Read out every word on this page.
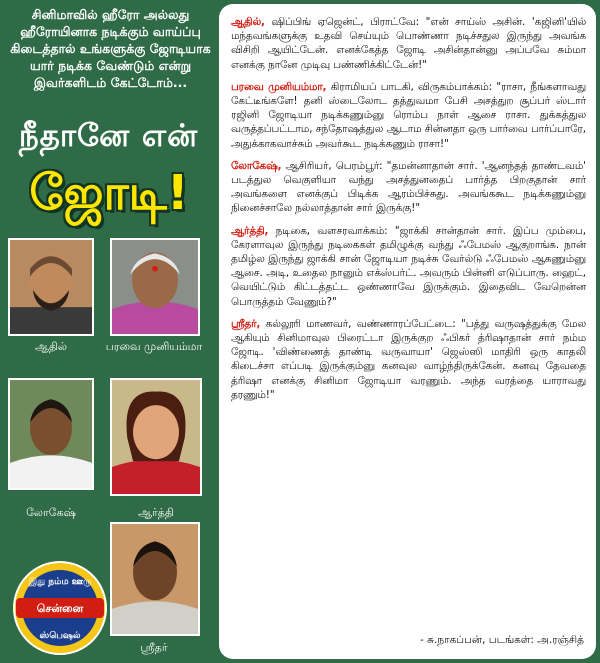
சினிமாவில் ஹீரோ அல்லது ஹீரோயினாக நடிக்கும் வாய்ப்பு கிடைத்தால் உங்களுக்கு ஜோடியாக யார் நடிக்க வேண்டும் என்று இவர்களிடம் கேட்டோம்...
நீதானே என்
ஜோடி!
ஆதில்	பரவை முனியம்மா
லோகேஷ்	ஆர்த்தி
ஸ்ரீதர்
இது நம்ம ஊரு
சென்னை
ஸ்பெஷல்

ஆதில், ஷிப்பிங் ஏஜென்ட், பிராட்வே: "என் சாய்ஸ் அசின். 'கஜினி'யில் மந்தவங்களுக்கு உதவி செய்யும் பொண்ணா நடிச்சதுல இருந்து அவங்க விசிறி ஆயிட்டேன். எனக்கேத்த ஜோடி அசின்தான்னு அப்பவே சும்மா எனக்கு நானே முடிவு பண்ணிக்கிட்டேன்!"

பரவை முனியம்மா, கிராமியப் பாடகி, விருகம்பாக்கம்: "ராசா, நீங்களாவது கேட்டீங்களே! தனி ஸ்டைலோட தத்துவமா பேசி அசத்துற சூப்பர் ஸ்டார் ரஜினி ஜோடியா நடிக்கணும்னு ரொம்ப நாள் ஆசை ராசா. துக்கத்துல வருத்தப்பட்டாம, சந்தோஷத்துல ஆடாம சின்னதா ஒரு பார்வை பார்ப்பாரே, அதுக்காகவாச்சும் அவர்கூட நடிக்கணும் ராசா!"

லோகேஷ், ஆசிரியர், பெரம்பூர்: "தமன்னாதான் சார். 'ஆனந்தத் தாண்டவம்' படத்துல வெகுளியா வந்து அசத்துனதைப் பார்த்த பிறகுதான் சார் அவங்களை எனக்குப் பிடிக்க ஆரம்பிச்சுது. அவங்ககூட நடிக்கணும்னு நினைச்சாலே நல்லாத்தான் சார் இருக்கு!"

ஆர்த்தி, நடிகை, வளசரவாக்கம்: "ஜாக்கி சான்தான் சார். இப்ப மும்பை, கேரளாவுல இருந்து நடிகைகள் தமிழுக்கு வந்து ஃபேமஸ் ஆகுறாங்க. நான் தமிழ்ல இருந்து ஜாக்கி சான் ஜோடியா நடிச்சு வேர்ல்டு ஃபேமஸ் ஆகணும்னு ஆசை. அடி, உதைல நானும் எக்ஸ்பர்ட். அவரும் பின்னி எடுப்பாரு. ஹைட், வெயிட்டும் கிட்டத்தட்ட ஒண்ணாவே இருக்கும். இதைவிட வேறென்ன பொருத்தம் வேணும்?"

ஸ்ரீதர், கல்லூரி மாணவர், வண்ணாரப்பேட்டை: "பத்து வருஷத்துக்கு மேல ஆகியும் சினிமாவுல பிரைட்டா இருக்குற ஃபிகர் த்ரிஷாதான் சார் நம்ம ஜோடி. 'விண்ணைத் தாண்டி வருவாயா' ஜெஸ்ஸி மாதிரி ஒரு காதலி கிடைச்சா எப்படி இருக்கும்னு கனவுல வாழ்ந்திருக்கேன். கனவு தேவதை த்ரிஷா எனக்கு சினிமா ஜோடியா வரணும். அந்த வரத்தை யாராவது தரணும்!"

- சு.நாகப்பன், படங்கள்: அ.ரஞ்சித்
